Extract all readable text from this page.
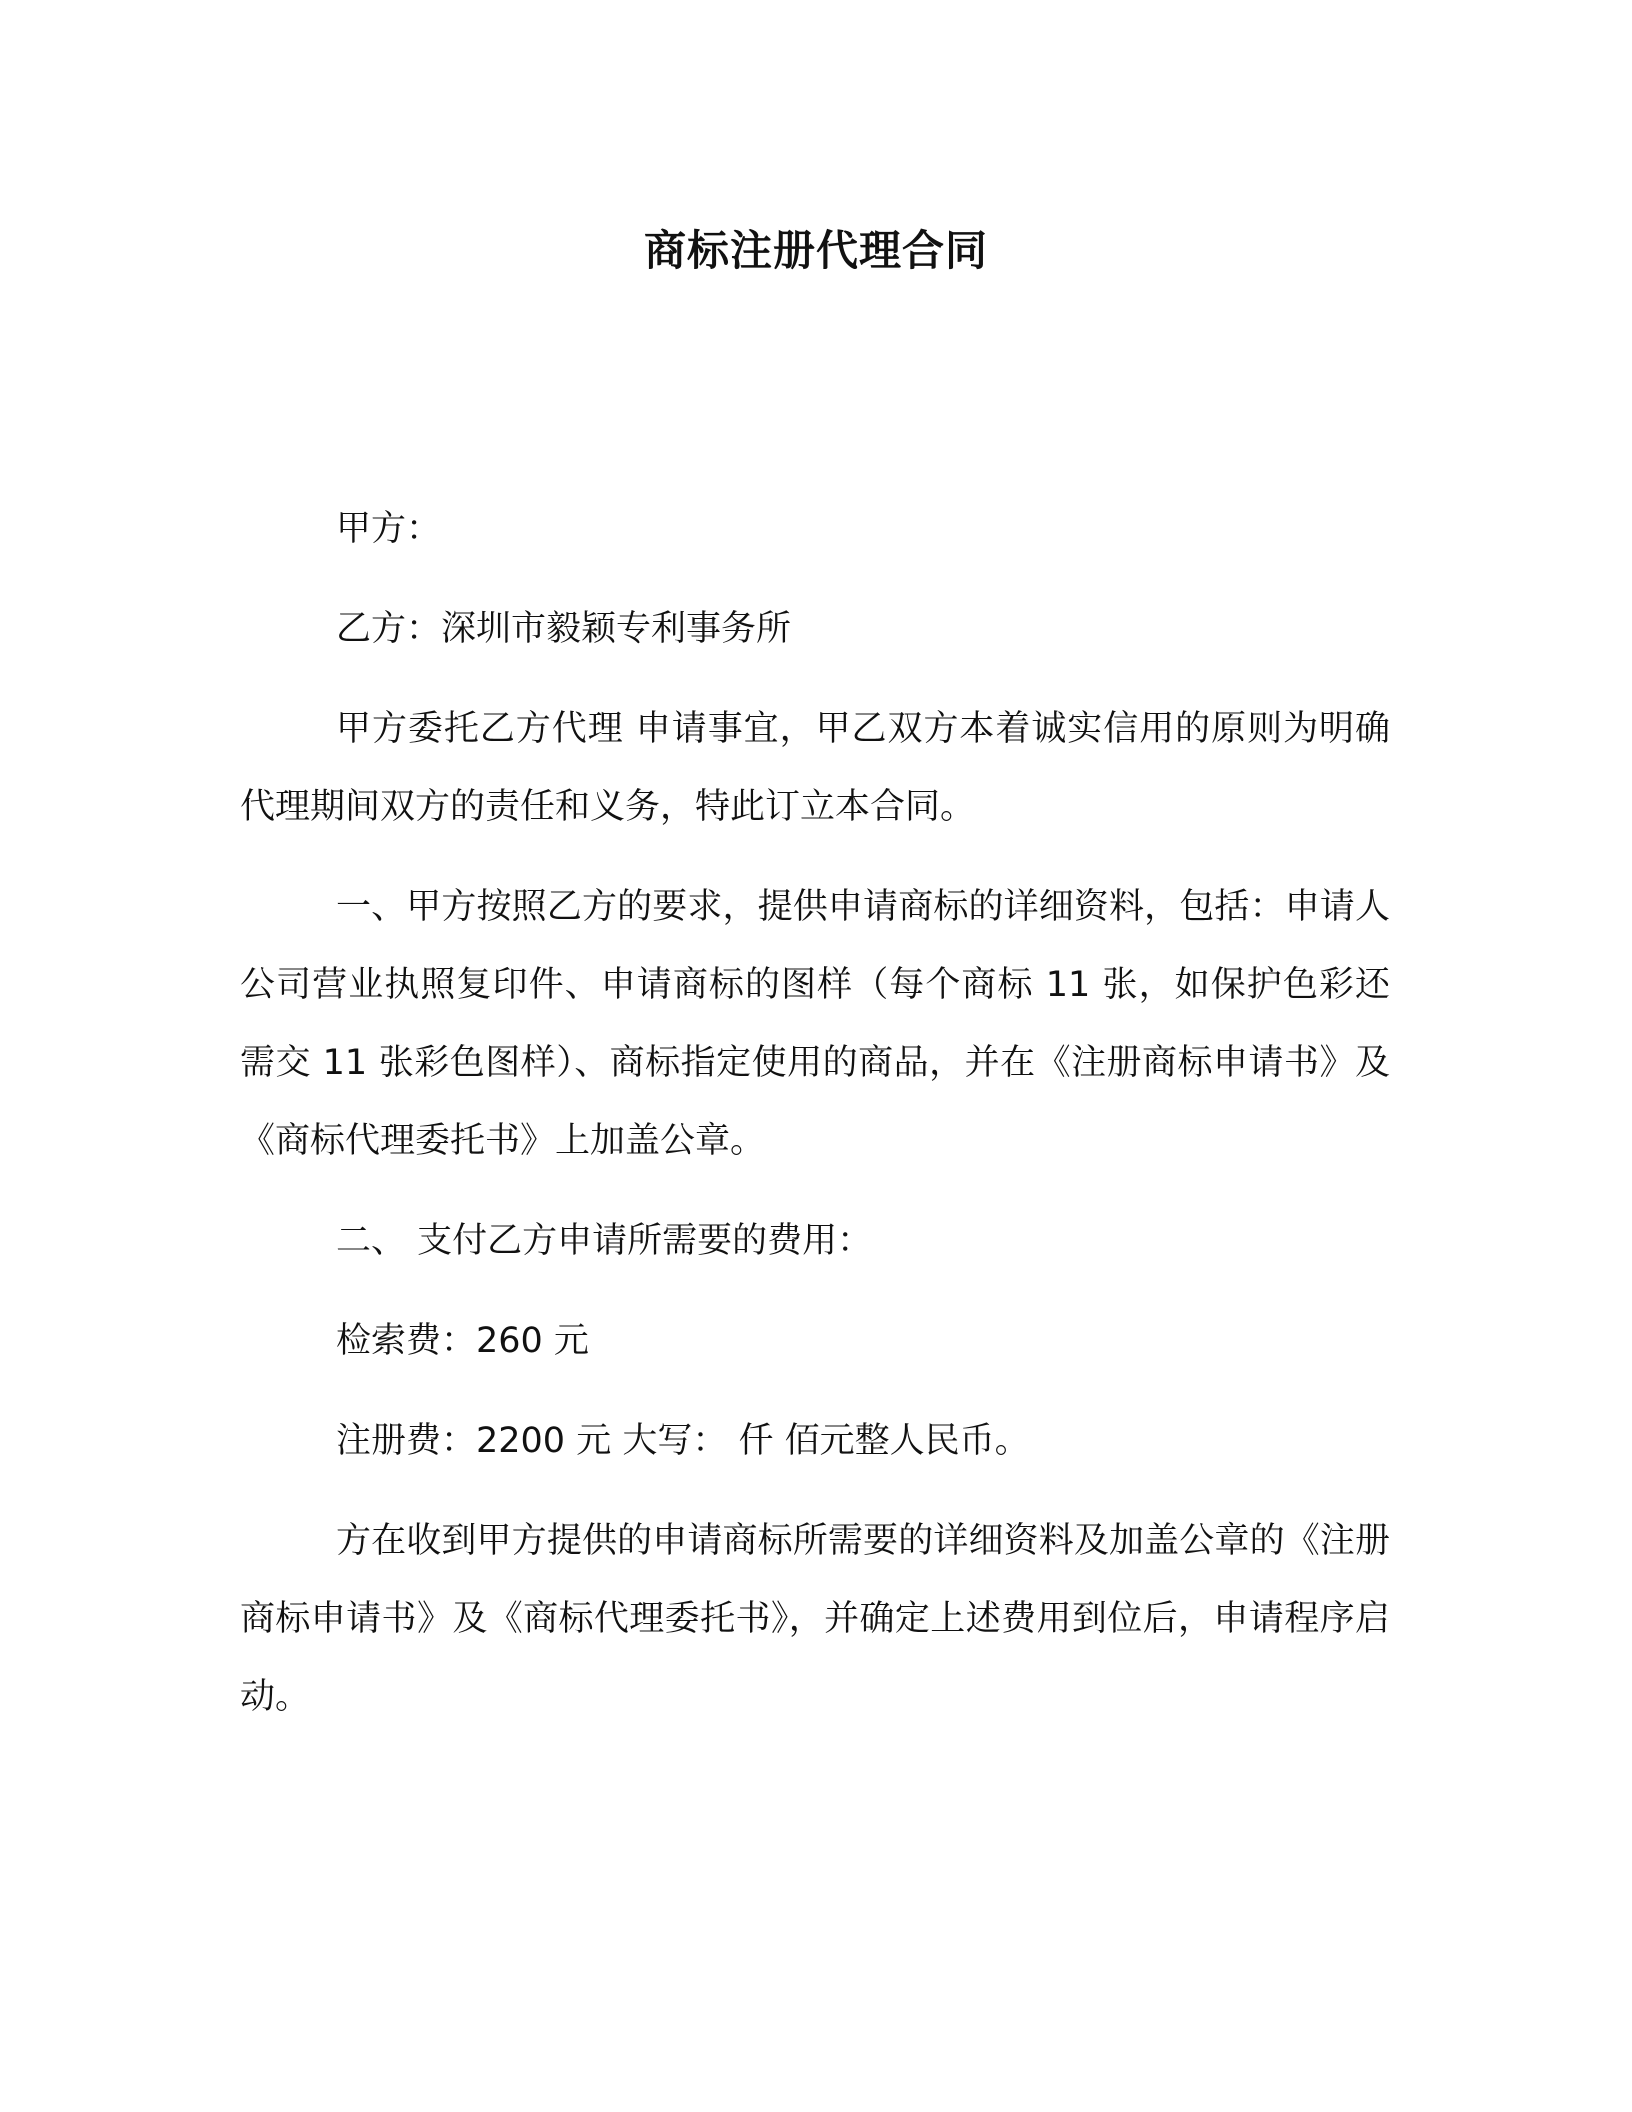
商标注册代理合同

甲方：

乙方：深圳市毅颖专利事务所

甲方委托乙方代理 申请事宜，甲乙双方本着诚实信用的原则为明确代理期间双方的责任和义务，特此订立本合同。

一、甲方按照乙方的要求，提供申请商标的详细资料，包括：申请人公司营业执照复印件、申请商标的图样（每个商标 11 张，如保护色彩还需交 11 张彩色图样）、商标指定使用的商品，并在《注册商标申请书》及《商标代理委托书》上加盖公章。

二、 支付乙方申请所需要的费用：

检索费：260 元

注册费：2200 元 大写： 仟 佰元整人民币。

方在收到甲方提供的申请商标所需要的详细资料及加盖公章的《注册商标申请书》及《商标代理委托书》，并确定上述费用到位后，申请程序启动。
